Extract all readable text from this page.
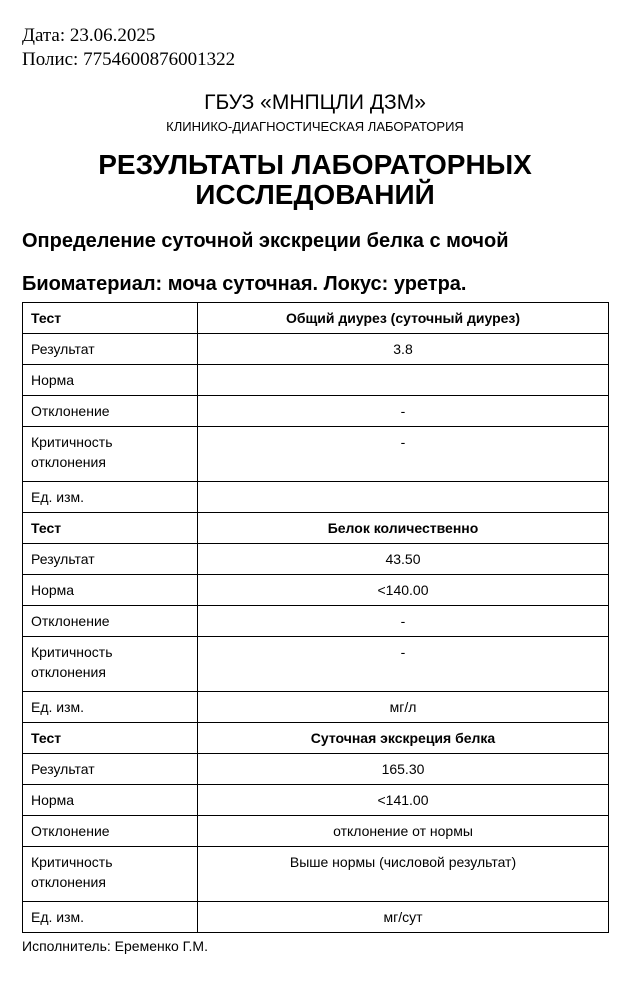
Дата: 23.06.2025
Полис: 7754600876001322
ГБУЗ «МНПЦЛИ ДЗМ»
КЛИНИКО-ДИАГНОСТИЧЕСКАЯ ЛАБОРАТОРИЯ
РЕЗУЛЬТАТЫ ЛАБОРАТОРНЫХ
ИССЛЕДОВАНИЙ
Определение суточной экскреции белка с мочой
Биоматериал: моча суточная. Локус: уретра.
Тест	Общий диурез (суточный диурез)
Результат	3.8
Норма	
Отклонение	-
Критичность
отклонения	-
Ед. изм.	
Тест	Белок количественно
Результат	43.50
Норма	<140.00
Отклонение	-
Критичность
отклонения	-
Ед. изм.	мг/л
Тест	Суточная экскреция белка
Результат	165.30
Норма	<141.00
Отклонение	отклонение от нормы
Критичность
отклонения	Выше нормы (числовой результат)
Ед. изм.	мг/сут
Исполнитель: Еременко Г.М.
